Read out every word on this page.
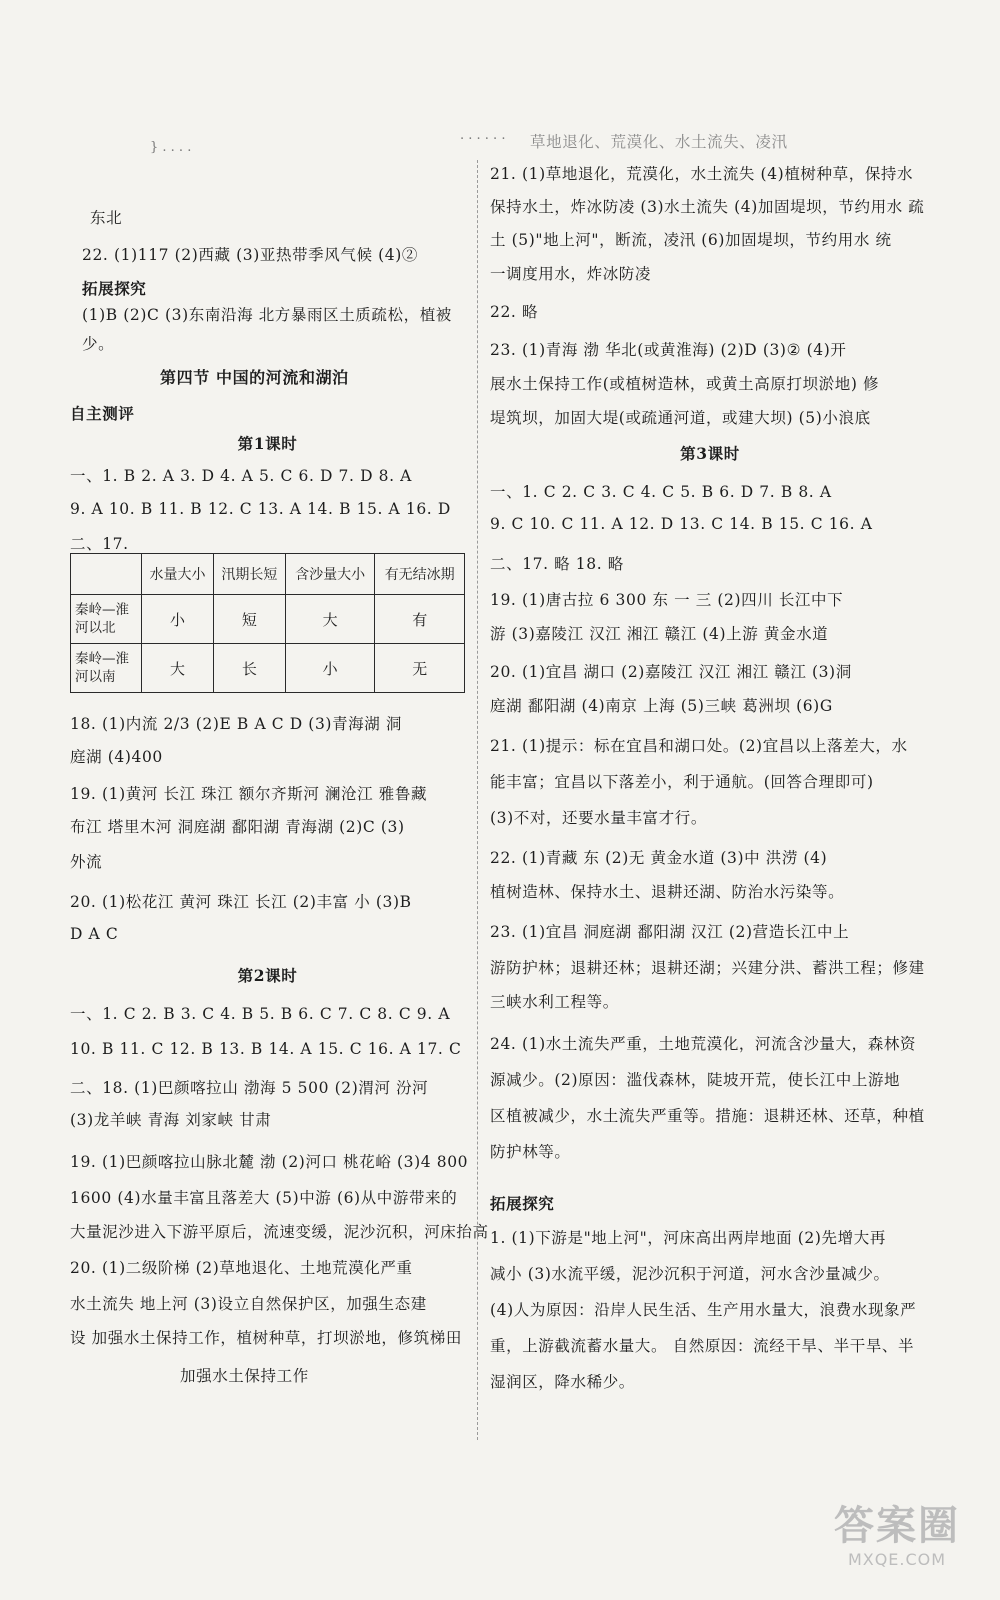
} . . . .
. . . . . .
东北
22. (1)117 (2)西藏 (3)亚热带季风气候 (4)②
拓展探究
(1)B (2)C (3)东南沿海 北方暴雨区土质疏松，植被
少。
第四节 中国的河流和湖泊
自主测评
第1课时
一、1. B 2. A 3. D 4. A 5. C 6. D 7. D 8. A
9. A 10. B 11. B 12. C 13. A 14. B 15. A 16. D
二、17.
	水量大小	汛期长短	含沙量大小	有无结冰期
秦岭—淮河以北	小	短	大	有
秦岭—淮河以南	大	长	小	无
18. (1)内流 2/3 (2)E B A C D (3)青海湖 洞
庭湖 (4)400
19. (1)黄河 长江 珠江 额尔齐斯河 澜沧江 雅鲁藏
布江 塔里木河 洞庭湖 鄱阳湖 青海湖 (2)C (3)
外流
20. (1)松花江 黄河 珠江 长江 (2)丰富 小 (3)B
D A C
第2课时
一、1. C 2. B 3. C 4. B 5. B 6. C 7. C 8. C 9. A
10. B 11. C 12. B 13. B 14. A 15. C 16. A 17. C
二、18. (1)巴颜喀拉山 渤海 5 500 (2)渭河 汾河
(3)龙羊峡 青海 刘家峡 甘肃
19. (1)巴颜喀拉山脉北麓 渤 (2)河口 桃花峪 (3)4 800
1600 (4)水量丰富且落差大 (5)中游 (6)从中游带来的
大量泥沙进入下游平原后，流速变缓，泥沙沉积，河床抬高
20. (1)二级阶梯 (2)草地退化、土地荒漠化严重
水土流失 地上河 (3)设立自然保护区，加强生态建
设 加强水土保持工作，植树种草，打坝淤地，修筑梯田
加强水土保持工作
草地退化、荒漠化、水土流失、凌汛
21. (1)草地退化，荒漠化，水土流失 (4)植树种草，保持水
保持水土，炸冰防凌 (3)水土流失 (4)加固堤坝，节约用水 疏
土 (5)"地上河"，断流，凌汛 (6)加固堤坝，节约用水 统
一调度用水，炸冰防凌
22. 略
23. (1)青海 渤 华北(或黄淮海) (2)D (3)② (4)开
展水土保持工作(或植树造林，或黄土高原打坝淤地) 修
堤筑坝，加固大堤(或疏通河道，或建大坝) (5)小浪底
第3课时
一、1. C 2. C 3. C 4. C 5. B 6. D 7. B 8. A
9. C 10. C 11. A 12. D 13. C 14. B 15. C 16. A
二、17. 略 18. 略
19. (1)唐古拉 6 300 东 一 三 (2)四川 长江中下
游 (3)嘉陵江 汉江 湘江 赣江 (4)上游 黄金水道
20. (1)宜昌 湖口 (2)嘉陵江 汉江 湘江 赣江 (3)洞
庭湖 鄱阳湖 (4)南京 上海 (5)三峡 葛洲坝 (6)G
21. (1)提示：标在宜昌和湖口处。(2)宜昌以上落差大，水
能丰富；宜昌以下落差小，利于通航。(回答合理即可)
(3)不对，还要水量丰富才行。
22. (1)青藏 东 (2)无 黄金水道 (3)中 洪涝 (4)
植树造林、保持水土、退耕还湖、防治水污染等。
23. (1)宜昌 洞庭湖 鄱阳湖 汉江 (2)营造长江中上
游防护林；退耕还林；退耕还湖；兴建分洪、蓄洪工程；修建
三峡水利工程等。
24. (1)水土流失严重，土地荒漠化，河流含沙量大，森林资
源减少。(2)原因：滥伐森林，陡坡开荒，使长江中上游地
区植被减少，水土流失严重等。措施：退耕还林、还草，种植
防护林等。
拓展探究
1. (1)下游是"地上河"，河床高出两岸地面 (2)先增大再
减小 (3)水流平缓，泥沙沉积于河道，河水含沙量减少。
(4)人为原因：沿岸人民生活、生产用水量大，浪费水现象严
重，上游截流蓄水量大。 自然原因：流经干旱、半干旱、半
湿润区，降水稀少。
答案圈
MXQE.COM
